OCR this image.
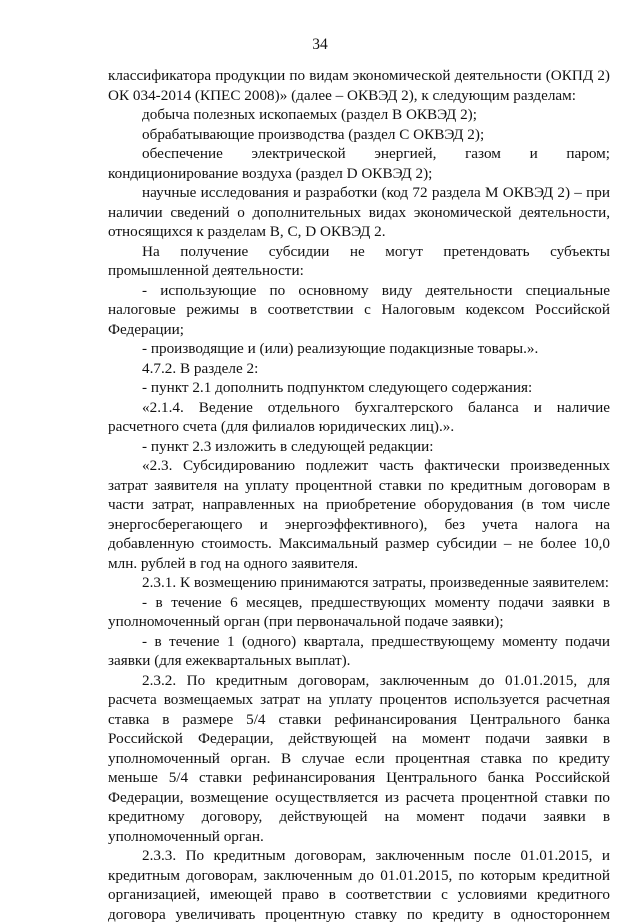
34

классификатора продукции по видам экономической деятельности (ОКПД 2) ОК 034-2014 (КПЕС 2008)» (далее – ОКВЭД 2), к следующим разделам:

добыча полезных ископаемых (раздел B ОКВЭД 2);

обрабатывающие производства (раздел C ОКВЭД 2);

обеспечение электрической энергией, газом и паром; кондиционирование воздуха (раздел D ОКВЭД 2);

научные исследования и разработки (код 72 раздела M ОКВЭД 2) – при наличии сведений о дополнительных видах экономической деятельности, относящихся к разделам B, C, D ОКВЭД 2.

На получение субсидии не могут претендовать субъекты промышленной деятельности:

- использующие по основному виду деятельности специальные налоговые режимы в соответствии с Налоговым кодексом Российской Федерации;

- производящие и (или) реализующие подакцизные товары.».

4.7.2. В разделе 2:

- пункт 2.1 дополнить подпунктом следующего содержания:

«2.1.4. Ведение отдельного бухгалтерского баланса и наличие расчетного счета (для филиалов юридических лиц).».

- пункт 2.3 изложить в следующей редакции:

«2.3. Субсидированию подлежит часть фактически произведенных затрат заявителя на уплату процентной ставки по кредитным договорам в части затрат, направленных на приобретение оборудования (в том числе энергосберегающего и энергоэффективного), без учета налога на добавленную стоимость. Максимальный размер субсидии – не более 10,0 млн. рублей в год на одного заявителя.

2.3.1. К возмещению принимаются затраты, произведенные заявителем:

- в течение 6 месяцев, предшествующих моменту подачи заявки в уполномоченный орган (при первоначальной подаче заявки);

- в течение 1 (одного) квартала, предшествующему моменту подачи заявки (для ежеквартальных выплат).

2.3.2. По кредитным договорам, заключенным до 01.01.2015, для расчета возмещаемых затрат на уплату процентов используется расчетная ставка в размере 5/4 ставки рефинансирования Центрального банка Российской Федерации, действующей на момент подачи заявки в уполномоченный орган. В случае если процентная ставка по кредиту меньше 5/4 ставки рефинансирования Центрального банка Российской Федерации, возмещение осуществляется из расчета процентной ставки по кредитному договору, действующей на момент подачи заявки в уполномоченный орган.

2.3.3. По кредитным договорам, заключенным после 01.01.2015, и кредитным договорам, заключенным до 01.01.2015, по которым кредитной организацией, имеющей право в соответствии с условиями кредитного договора увеличивать процентную ставку по кредиту в одностороннем
